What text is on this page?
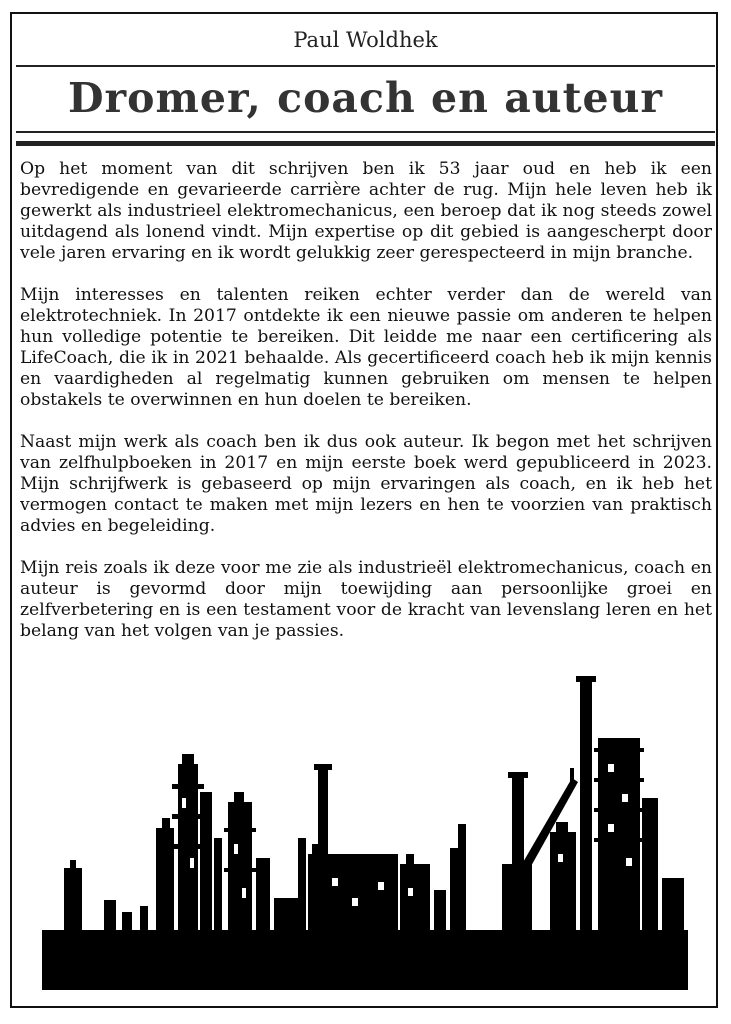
Paul Woldhek
Dromer, coach en auteur

Op het moment van dit schrijven ben ik 53 jaar oud en heb ik een bevredigende en gevarieerde carrière achter de rug. Mijn hele leven heb ik gewerkt als industrieel elektromechanicus, een beroep dat ik nog steeds zowel uitdagend als lonend vindt. Mijn expertise op dit gebied is aangescherpt door vele jaren ervaring en ik wordt gelukkig zeer gerespecteerd in mijn branche.

Mijn interesses en talenten reiken echter verder dan de wereld van elektrotechniek. In 2017 ontdekte ik een nieuwe passie om anderen te helpen hun volledige potentie te bereiken. Dit leidde me naar een certificering als LifeCoach, die ik in 2021 behaalde. Als gecertificeerd coach heb ik mijn kennis en vaardigheden al regelmatig kunnen gebruiken om mensen te helpen obstakels te overwinnen en hun doelen te bereiken.

Naast mijn werk als coach ben ik dus ook auteur. Ik begon met het schrijven van zelfhulpboeken in 2017 en mijn eerste boek werd gepubliceerd in 2023. Mijn schrijfwerk is gebaseerd op mijn ervaringen als coach, en ik heb het vermogen contact te maken met mijn lezers en hen te voorzien van praktisch advies en begeleiding.

Mijn reis zoals ik deze voor me zie als industrieël elektromechanicus, coach en auteur is gevormd door mijn toewijding aan persoonlijke groei en zelfverbetering en is een testament voor de kracht van levenslang leren en het belang van het volgen van je passies.
